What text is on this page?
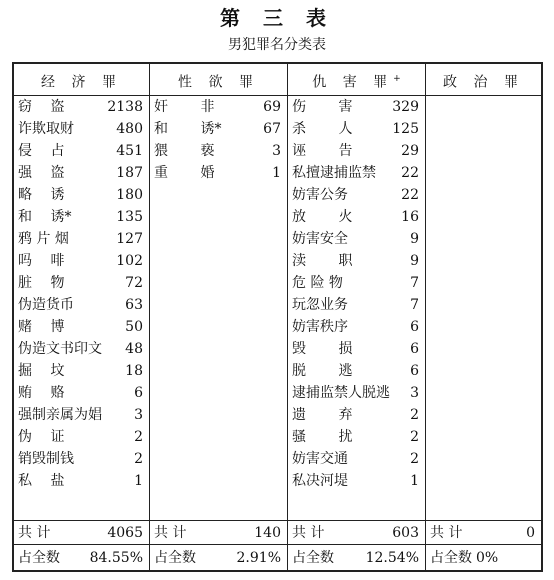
第 三 表
男犯罪名分类表
经 济 罪
窃　 盗	2138
诈欺取财	480
侵　 占	451
强　 盗	187
略　 诱	180
和　 诱*	135
鸦 片 烟	127
吗　 啡	102
脏　 物	72
伪造货币	63
赌　 博	50
伪造文书印文 48
掘　 坟	18
贿　 赂	6
强制亲属为娼 3
伪　 证	2
销毁制钱	2
私　 盐	1
共 计	4065
占全数 84.55%
性 欲 罪
奸　　 非	69
和　　 诱*	67
猥　　 亵	3
重　　 婚	1
共 计	140
占全数	2.91%
仇 害 罪+
伤　　 害	329
杀　　 人	125
诬　　 告	29
私擅逮捕监禁 22
妨害公务	22
放　　 火	16
妨害安全	9
渎　　 职	9
危 险 物	7
玩忽业务	7
妨害秩序	6
毁　　 损	6
脱　　 逃	6
逮捕监禁人脱逃 3
遗　　 弃	2
骚　　 扰	2
妨害交通	2
私决河堤	1
共 计	603
占全数 12.54%
政 治 罪
共 计	0
占全数 0%
